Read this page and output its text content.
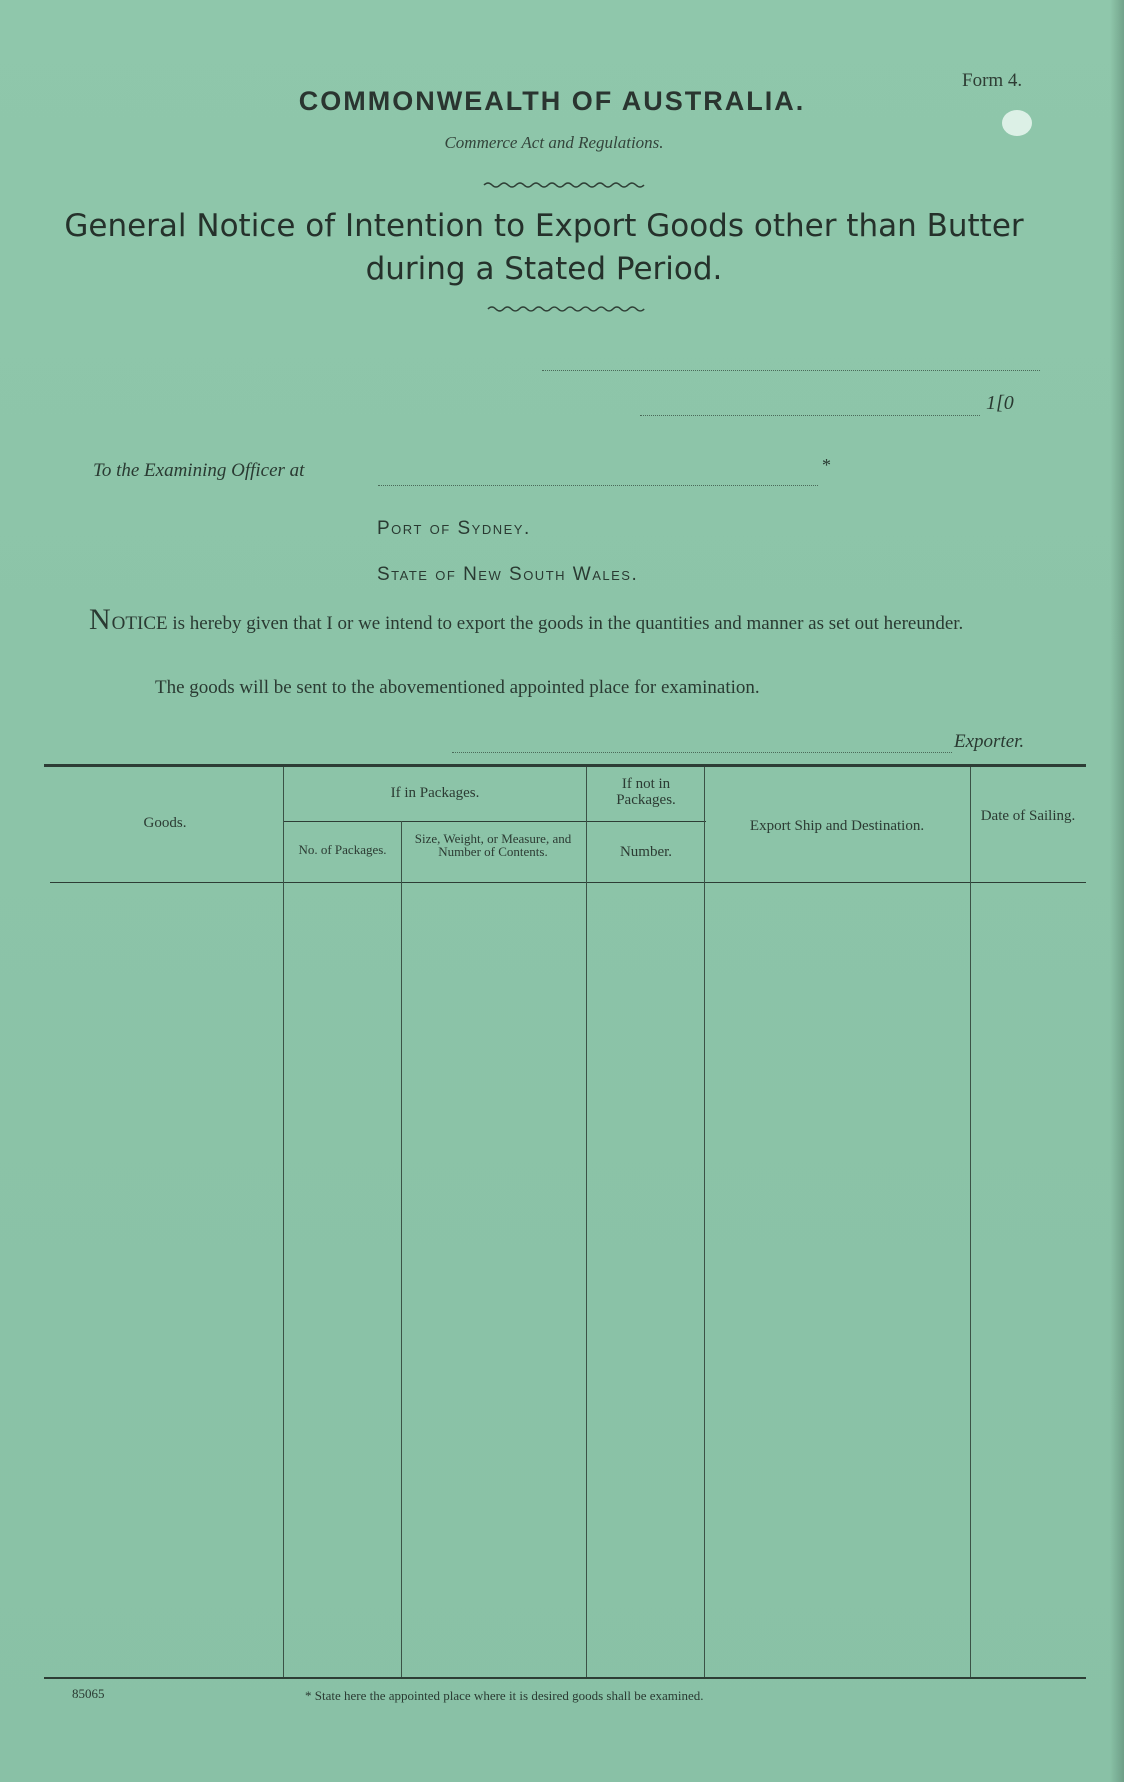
Form 4.
COMMONWEALTH OF AUSTRALIA.
Commerce Act and Regulations.
General Notice of Intention to Export Goods other than Butter
during a Stated Period.
1[0
To the Examining Officer at	*
Port of Sydney.
State of New South Wales.
NOTICE is hereby given that I or we intend to export the goods in the quantities and manner as set out hereunder.
The goods will be sent to the abovementioned appointed place for examination.
Exporter.
Goods.
If in Packages.
No. of Packages.
Size, Weight, or Measure, and Number of Contents.
If not in Packages.
Number.
Export Ship and Destination.
Date of Sailing.
85065	* State here the appointed place where it is desired goods shall be examined.
